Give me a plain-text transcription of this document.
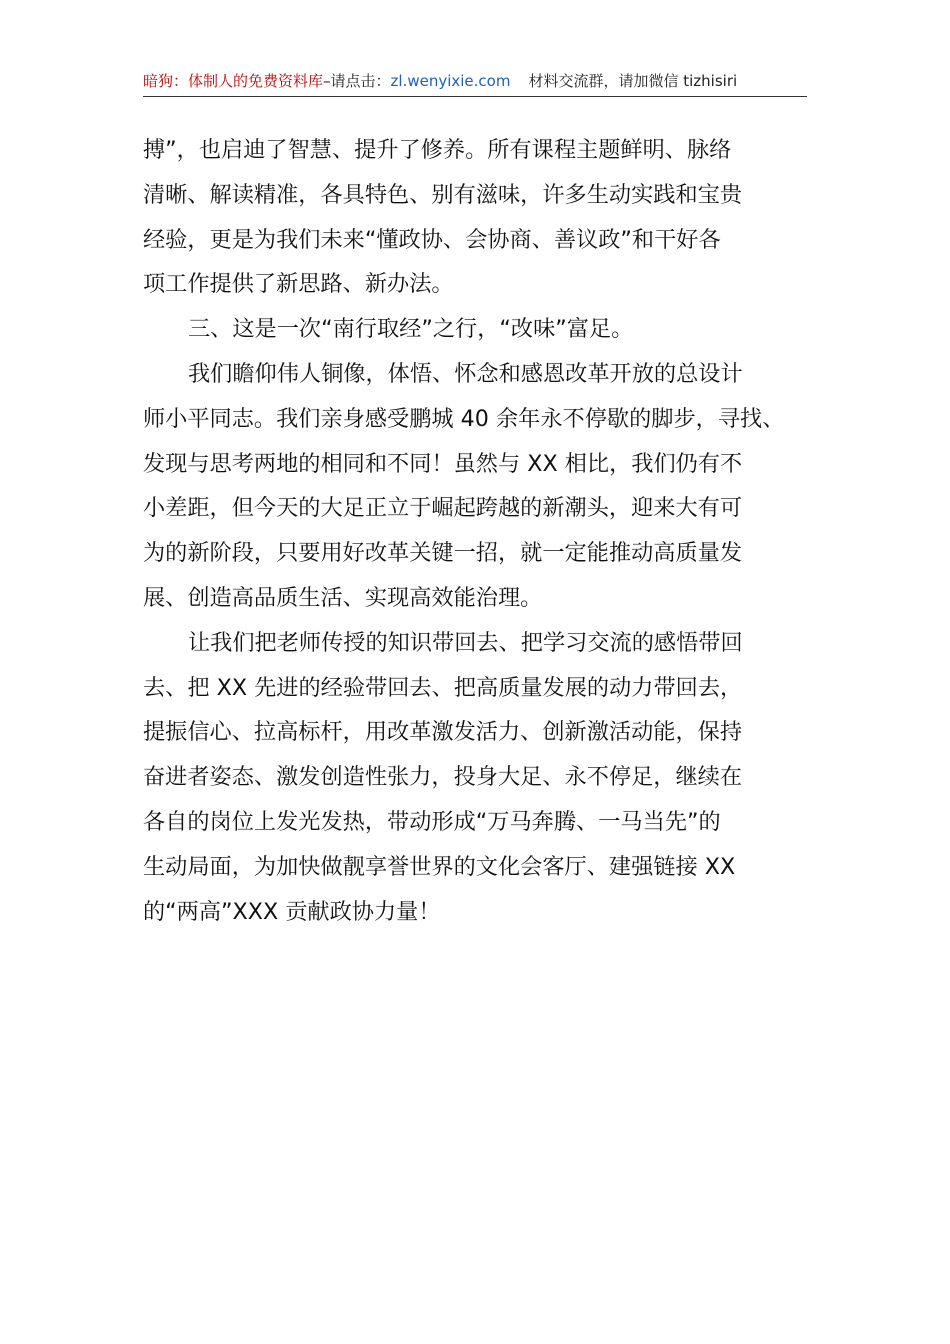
暗狗：体制人的免费资料库–请点击：zl.wenyixie.com 材料交流群，请加微信 tizhisiri
搏”，也启迪了智慧、提升了修养。所有课程主题鲜明、脉络
清晰、解读精准，各具特色、别有滋味，许多生动实践和宝贵
经验，更是为我们未来“懂政协、会协商、善议政”和干好各
项工作提供了新思路、新办法。
三、这是一次“南行取经”之行，“改味”富足。
我们瞻仰伟人铜像，体悟、怀念和感恩改革开放的总设计
师小平同志。我们亲身感受鹏城 40 余年永不停歇的脚步，寻找、
发现与思考两地的相同和不同！虽然与 XX 相比，我们仍有不
小差距，但今天的大足正立于崛起跨越的新潮头，迎来大有可
为的新阶段，只要用好改革关键一招，就一定能推动高质量发
展、创造高品质生活、实现高效能治理。
让我们把老师传授的知识带回去、把学习交流的感悟带回
去、把 XX 先进的经验带回去、把高质量发展的动力带回去，
提振信心、拉高标杆，用改革激发活力、创新激活动能，保持
奋进者姿态、激发创造性张力，投身大足、永不停足，继续在
各自的岗位上发光发热，带动形成“万马奔腾、一马当先”的
生动局面，为加快做靓享誉世界的文化会客厅、建强链接 XX
的“两高”XXX 贡献政协力量！
